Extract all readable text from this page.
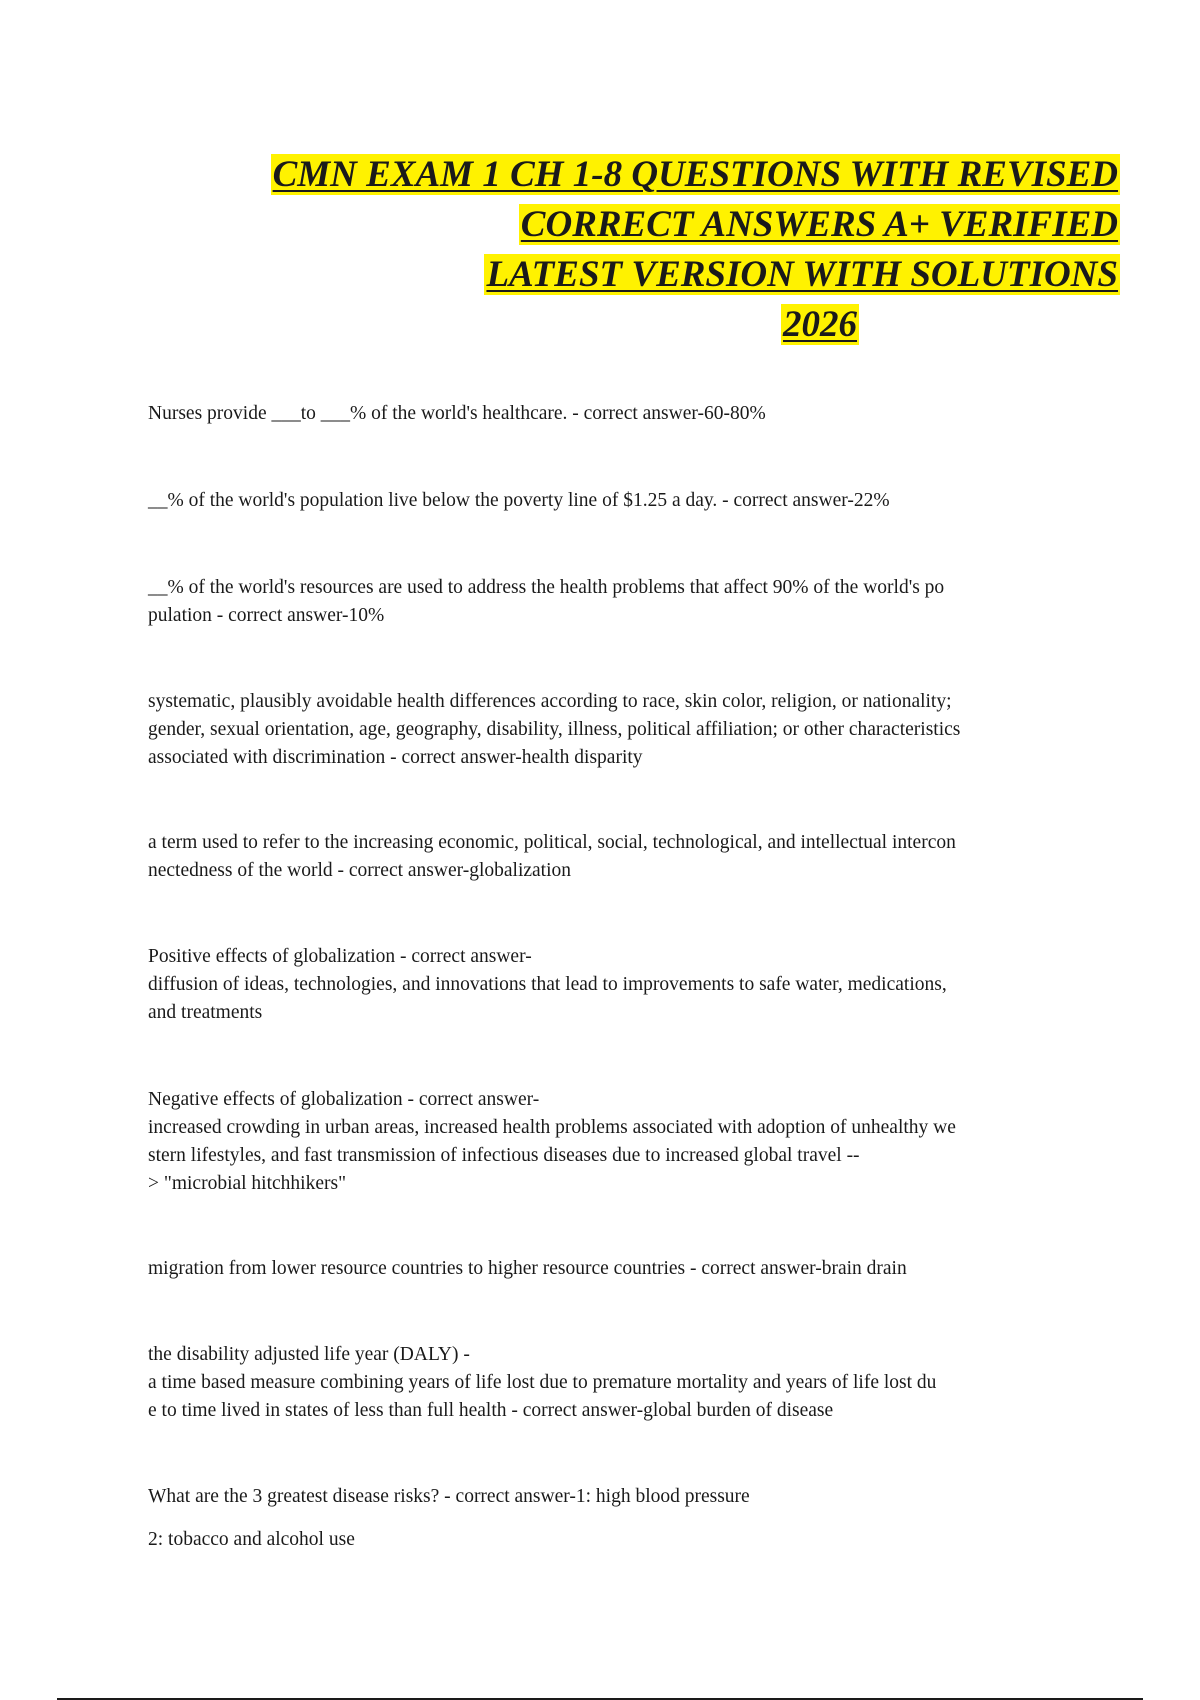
CMN EXAM 1 CH 1-8 QUESTIONS WITH REVISED
CORRECT ANSWERS A+ VERIFIED
LATEST VERSION WITH SOLUTIONS
2026

Nurses provide ___to ___% of the world's healthcare. - correct answer-60-80%

__% of the world's population live below the poverty line of $1.25 a day. - correct answer-22%

__% of the world's resources are used to address the health problems that affect 90% of the world's po
pulation - correct answer-10%

systematic, plausibly avoidable health differences according to race, skin color, religion, or nationality;
gender, sexual orientation, age, geography, disability, illness, political affiliation; or other characteristics
associated with discrimination - correct answer-health disparity

a term used to refer to the increasing economic, political, social, technological, and intellectual intercon
nectedness of the world - correct answer-globalization

Positive effects of globalization - correct answer-
diffusion of ideas, technologies, and innovations that lead to improvements to safe water, medications,
and treatments

Negative effects of globalization - correct answer-
increased crowding in urban areas, increased health problems associated with adoption of unhealthy we
stern lifestyles, and fast transmission of infectious diseases due to increased global travel --
> "microbial hitchhikers"

migration from lower resource countries to higher resource countries - correct answer-brain drain

the disability adjusted life year (DALY) -
a time based measure combining years of life lost due to premature mortality and years of life lost du
e to time lived in states of less than full health - correct answer-global burden of disease

What are the 3 greatest disease risks? - correct answer-1: high blood pressure

2: tobacco and alcohol use
